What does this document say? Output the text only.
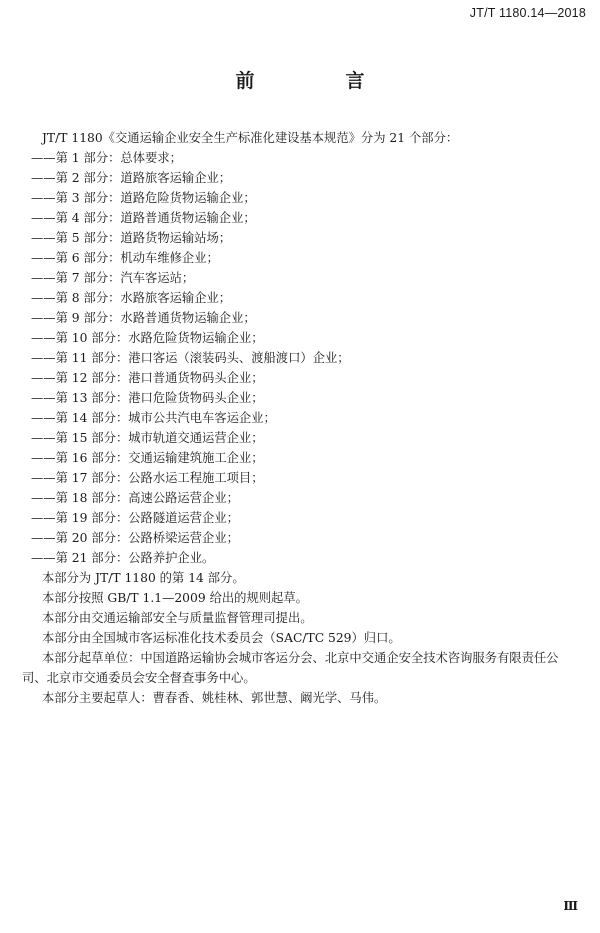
JT/T 1180.14—2018
前　言

JT/T 1180《交通运输企业安全生产标准化建设基本规范》分为 21 个部分：

——第 1 部分：总体要求；

——第 2 部分：道路旅客运输企业；

——第 3 部分：道路危险货物运输企业；

——第 4 部分：道路普通货物运输企业；

——第 5 部分：道路货物运输站场；

——第 6 部分：机动车维修企业；

——第 7 部分：汽车客运站；

——第 8 部分：水路旅客运输企业；

——第 9 部分：水路普通货物运输企业；

——第 10 部分：水路危险货物运输企业；

——第 11 部分：港口客运（滚装码头、渡船渡口）企业；

——第 12 部分：港口普通货物码头企业；

——第 13 部分：港口危险货物码头企业；

——第 14 部分：城市公共汽电车客运企业；

——第 15 部分：城市轨道交通运营企业；

——第 16 部分：交通运输建筑施工企业；

——第 17 部分：公路水运工程施工项目；

——第 18 部分：高速公路运营企业；

——第 19 部分：公路隧道运营企业；

——第 20 部分：公路桥梁运营企业；

——第 21 部分：公路养护企业。

本部分为 JT/T 1180 的第 14 部分。

本部分按照 GB/T 1.1—2009 给出的规则起草。

本部分由交通运输部安全与质量监督管理司提出。

本部分由全国城市客运标准化技术委员会（SAC/TC 529）归口。

本部分起草单位：中国道路运输协会城市客运分会、北京中交通企安全技术咨询服务有限责任公

司、北京市交通委员会安全督查事务中心。

本部分主要起草人：曹春香、姚桂林、郭世慧、阚光学、马伟。

Ⅲ
